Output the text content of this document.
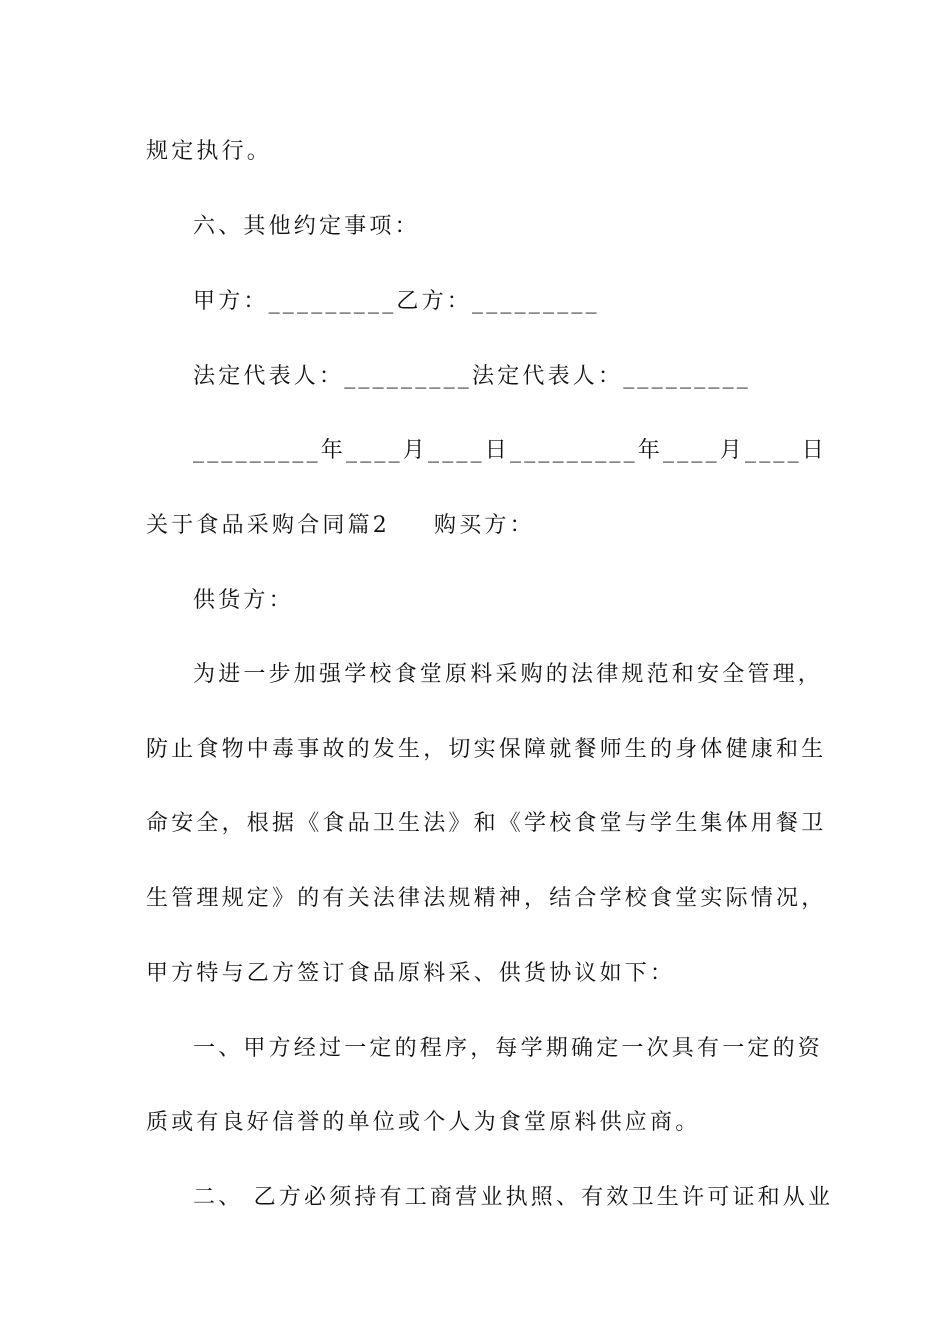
规定执行。
六、其他约定事项：
甲方：_________乙方：_________
法定代表人：_________法定代表人：_________
_________年____月____日_________年____月____日
关于食品采购合同篇2 购买方：
供货方：
为进一步加强学校食堂原料采购的法律规范和安全管理，
防止食物中毒事故的发生，切实保障就餐师生的身体健康和生
命安全，根据《食品卫生法》和《学校食堂与学生集体用餐卫
生管理规定》的有关法律法规精神，结合学校食堂实际情况，
甲方特与乙方签订食品原料采、供货协议如下：
一、甲方经过一定的程序，每学期确定一次具有一定的资
质或有良好信誉的单位或个人为食堂原料供应商。
二、 乙方必须持有工商营业执照、有效卫生许可证和从业
